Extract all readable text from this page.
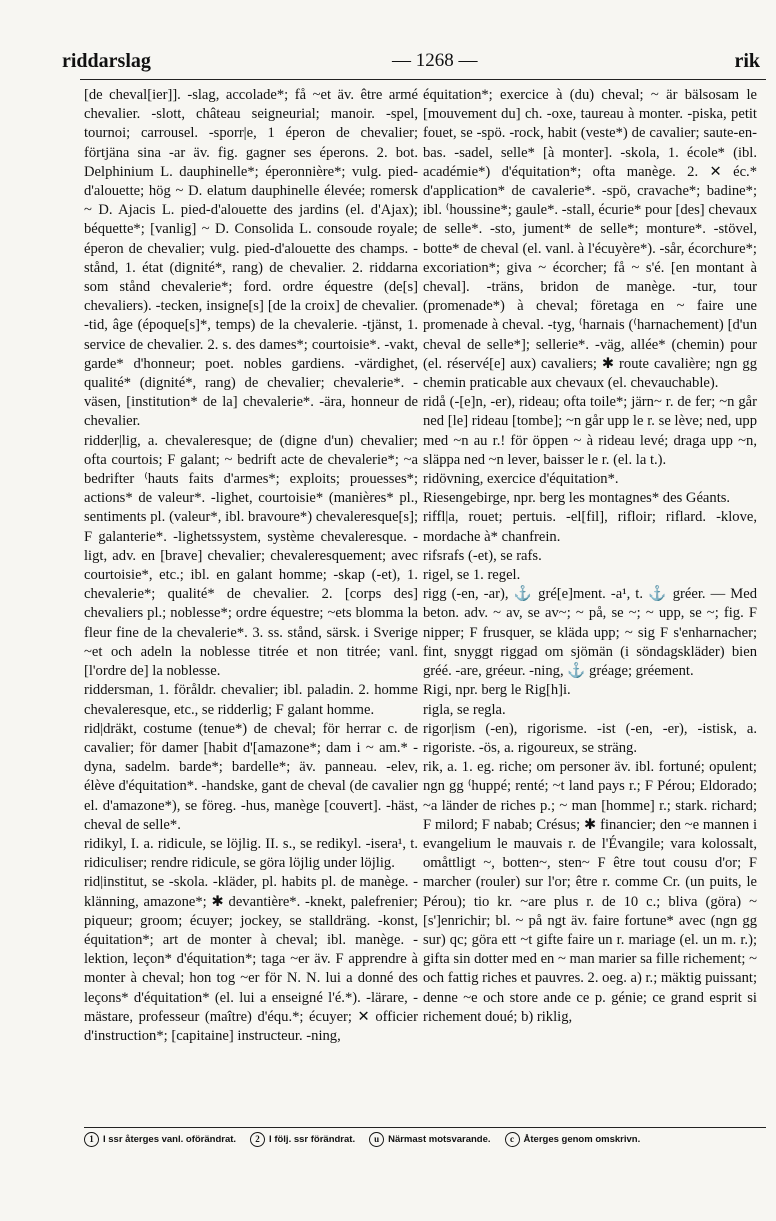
riddarslag	— 1268 —	rik

[de cheval[ier]]. -slag, accolade*; få ~et äv. être armé chevalier. -slott, château seigneurial; manoir. -spel, tournoi; carrousel. -sporr|e, 1 éperon de chevalier; förtjäna sina -ar äv. fig. gagner ses éperons. 2. bot. Delphinium L. dauphinelle*; éperonnière*; vulg. pied-d'alouette; hög ~ D. elatum dauphinelle élevée; romersk ~ D. Ajacis L. pied-d'alouette des jardins (el. d'Ajax); béquette*; [vanlig] ~ D. Consolida L. consoude royale; éperon de chevalier; vulg. pied-d'alouette des champs. -stånd, 1. état (dignité*, rang) de chevalier. 2. riddarna som stånd chevalerie*; ford. ordre équestre (de[s] chevaliers). -tecken, insigne[s] [de la croix] de chevalier. -tid, âge (époque[s]*, temps) de la chevalerie. -tjänst, 1. service de chevalier. 2. s. des dames*; courtoisie*. -vakt, garde* d'honneur; poet. nobles gardiens. -värdighet, qualité* (dignité*, rang) de chevalier; chevalerie*. -väsen, [institution* de la] chevalerie*. -ära, honneur de chevalier.

ridder|lig, a. chevaleresque; de (digne d'un) chevalier; ofta courtois; F galant; ~ bedrift acte de chevalerie*; ~a bedrifter ⁽hauts faits d'armes*; exploits; prouesses*; actions* de valeur*. -lighet, courtoisie* (manières* pl., sentiments pl. (valeur*, ibl. bravoure*) chevaleresque[s]; F galanterie*. -lighetssystem, système chevaleresque. -ligt, adv. en [brave] chevalier; chevaleresquement; avec courtoisie*, etc.; ibl. en galant homme; -skap (-et), 1. chevalerie*; qualité* de chevalier. 2. [corps des] chevaliers pl.; noblesse*; ordre équestre; ~ets blomma la fleur fine de la chevalerie*. 3. ss. stånd, särsk. i Sverige ~et och adeln la noblesse titrée et non titrée; vanl. [l'ordre de] la noblesse.

riddersman, 1. föråldr. chevalier; ibl. paladin. 2. homme chevaleresque, etc., se ridderlig; F galant homme.

rid|dräkt, costume (tenue*) de cheval; för herrar c. de cavalier; för damer [habit d'[amazone*; dam i ~ am.* -dyna, sadelm. barde*; bardelle*; äv. panneau. -elev, élève d'équitation*. -handske, gant de cheval (de cavalier el. d'amazone*), se föreg. -hus, manège [couvert]. -häst, cheval de selle*.

ridikyl, I. a. ridicule, se löjlig. II. s., se redikyl. -isera¹, t. ridiculiser; rendre ridicule, se göra löjlig under löjlig.

rid|institut, se -skola. -kläder, pl. habits pl. de manège. -klänning, amazone*; ✱ devantière*. -knekt, palefrenier; piqueur; groom; écuyer; jockey, se stalldräng. -konst, équitation*; art de monter à cheval; ibl. manège. -lektion, leçon* d'équitation*; taga ~er äv. F apprendre à monter à cheval; hon tog ~er för N. N. lui a donné des leçons* d'équitation* (el. lui a enseigné l'é.*). -lärare, -mästare, professeur (maître) d'équ.*; écuyer; ✕ officier d'instruction*; [capitaine] instructeur. -ning,

équitation*; exercice à (du) cheval; ~ är bälsosam le [mouvement du] ch. -oxe, taureau à monter. -piska, petit fouet, se -spö. -rock, habit (veste*) de cavalier; saute-en-bas. -sadel, selle* [à monter]. -skola, 1. école* (ibl. académie*) d'équitation*; ofta manège. 2. ✕ éc.* d'application* de cavalerie*. -spö, cravache*; badine*; ibl. ⁽houssine*; gaule*. -stall, écurie* pour [des] chevaux de selle*. -sto, jument* de selle*; monture*. -stövel, botte* de cheval (el. vanl. à l'écuyère*). -sår, écorchure*; excoriation*; giva ~ écorcher; få ~ s'é. [en montant à cheval]. -träns, bridon de manège. -tur, tour (promenade*) à cheval; företaga en ~ faire une promenade à cheval. -tyg, ⁽harnais (⁽harnachement) [d'un cheval de selle*]; sellerie*. -väg, allée* (chemin) pour (el. réservé[e] aux) cavaliers; ✱ route cavalière; ngn gg chemin praticable aux chevaux (el. chevauchable).

ridå (-[e]n, -er), rideau; ofta toile*; järn~ r. de fer; ~n går ned [le] rideau [tombe]; ~n går upp le r. se lève; ned, upp med ~n au r.! för öppen ~ à rideau levé; draga upp ~n, släppa ned ~n lever, baisser le r. (el. la t.).

ridövning, exercice d'équitation*.

Riesengebirge, npr. berg les montagnes* des Géants.

riffl|a, rouet; pertuis. -el[fil], rifloir; riflard. -klove, mordache à* chanfrein.

rifsrafs (-et), se rafs.

rigel, se 1. regel.

rigg (-en, -ar), ⚓ gré[e]ment. -a¹, t. ⚓ gréer. — Med beton. adv. ~ av, se av~; ~ på, se ~; ~ upp, se ~; fig. F nipper; F frusquer, se kläda upp; ~ sig F s'enharnacher; fint, snyggt riggad om sjömän (i söndagskläder) bien gréé. -are, gréeur. -ning, ⚓ gréage; gréement.

Rigi, npr. berg le Rig[h]i.

rigla, se regla.

rigor|ism (-en), rigorisme. -ist (-en, -er), -istisk, a. rigoriste. -ös, a. rigoureux, se sträng.

rik, a. 1. eg. riche; om personer äv. ibl. fortuné; opulent; ngn gg ⁽huppé; renté; ~t land pays r.; F Pérou; Eldorado; ~a länder de riches p.; ~ man [homme] r.; stark. richard; F milord; F nabab; Crésus; ✱ financier; den ~e mannen i evangelium le mauvais r. de l'Évangile; vara kolossalt, omåttligt ~, botten~, sten~ F être tout cousu d'or; F marcher (rouler) sur l'or; être r. comme Cr. (un puits, le Pérou); tio kr. ~are plus r. de 10 c.; bliva (göra) ~ [s']enrichir; bl. ~ på ngt äv. faire fortune* avec (ngn gg sur) qc; göra ett ~t gifte faire un r. mariage (el. un m. r.); gifta sin dotter med en ~ man marier sa fille richement; ~ och fattig riches et pauvres. 2. oeg. a) r.; mäktig puissant; denne ~e och store ande ce p. génie; ce grand esprit si richement doué; b) riklig,

1 I ssr återges vanl. oförändrat.	2 I följ. ssr förändrat.	u Närmast motsvarande.	c	Återges genom omskrivn.
